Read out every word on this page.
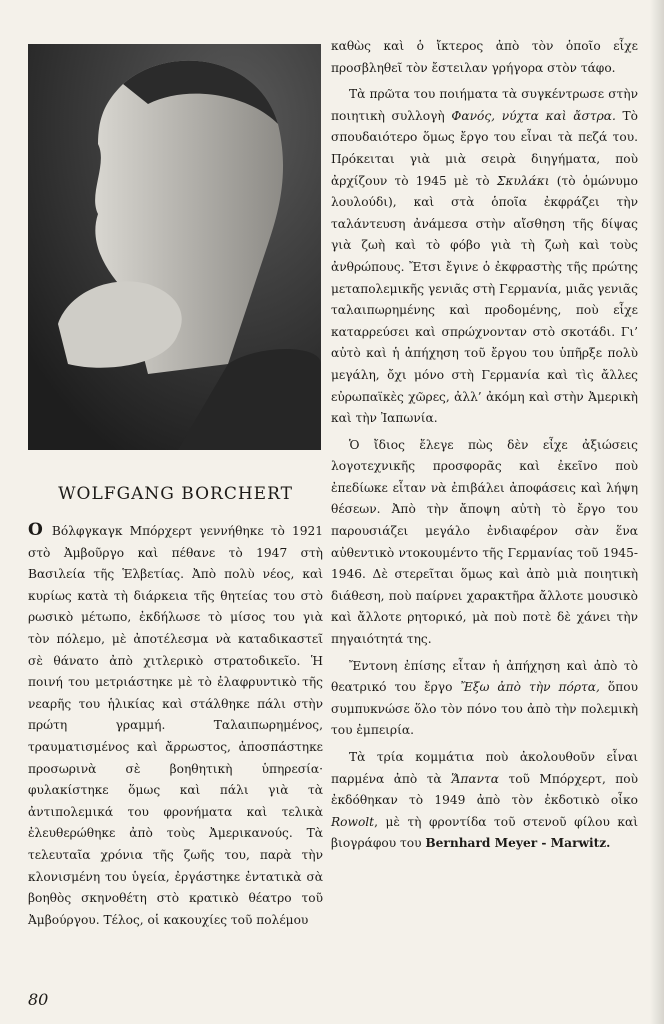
WOLFGANG BORCHERT

Ο Βόλφγκαγκ Μπόρχερτ γεννήθηκε τὸ 1921 στὸ Ἀμβοῦργο καὶ πέθανε τὸ 1947 στὴ Βασιλεία τῆς Ἑλβετίας. Ἀπὸ πολὺ νέος, καὶ κυρίως κατὰ τὴ διάρκεια τῆς θητείας του στὸ ρωσικὸ μέτωπο, ἐκδήλωσε τὸ μίσος του γιὰ τὸν πόλεμο, μὲ ἀποτέλεσμα νὰ καταδικαστεῖ σὲ θάνατο ἀπὸ χιτλερικὸ στρατοδικεῖο. Ἡ ποινή του μετριάστηκε μὲ τὸ ἐλαφρυντικὸ τῆς νεαρῆς του ἡλικίας καὶ στάλθηκε πάλι στὴν πρώτη γραμμή. Ταλαιπωρημένος, τραυματισμένος καὶ ἄρρωστος, ἀποσπάστηκε προσωρινὰ σὲ βοηθητικὴ ὑπηρεσία· φυλακίστηκε ὅμως καὶ πάλι γιὰ τὰ ἀντιπολεμικά του φρονήματα καὶ τελικὰ ἐλευθερώθηκε ἀπὸ τοὺς Ἀμερικανούς. Τὰ τελευταῖα χρόνια τῆς ζωῆς του, παρὰ τὴν κλονισμένη του ὑγεία, ἐργάστηκε ἐντατικὰ σὰ βοηθὸς σκηνοθέτη στὸ κρατικὸ θέατρο τοῦ Ἀμβούργου. Τέλος, οἱ κακουχίες τοῦ πολέμου

καθὼς καὶ ὁ ἴκτερος ἀπὸ τὸν ὁποῖο εἶχε προσβληθεῖ τὸν ἔστειλαν γρήγορα στὸν τάφο.

Τὰ πρῶτα του ποιήματα τὰ συγκέντρωσε στὴν ποιητικὴ συλλογὴ Φανός, νύχτα καὶ ἄστρα. Τὸ σπουδαιότερο ὅμως ἔργο του εἶναι τὰ πεζά του. Πρόκειται γιὰ μιὰ σειρὰ διηγήματα, ποὺ ἀρχίζουν τὸ 1945 μὲ τὸ Σκυλάκι (τὸ ὁμώνυμο λουλούδι), καὶ στὰ ὁποῖα ἐκφράζει τὴν ταλάντευση ἀνάμεσα στὴν αἴσθηση τῆς δίψας γιὰ ζωὴ καὶ τὸ φόβο γιὰ τὴ ζωὴ καὶ τοὺς ἀνθρώπους. Ἔτσι ἔγινε ὁ ἐκφραστὴς τῆς πρώτης μεταπολεμικῆς γενιᾶς στὴ Γερμανία, μιᾶς γενιᾶς ταλαιπωρημένης καὶ προδομένης, ποὺ εἶχε καταρρεύσει καὶ σπρώχνονταν στὸ σκοτάδι. Γι’ αὐτὸ καὶ ἡ ἀπήχηση τοῦ ἔργου του ὑπῆρξε πολὺ μεγάλη, ὄχι μόνο στὴ Γερμανία καὶ τὶς ἄλλες εὐρωπαϊκὲς χῶρες, ἀλλ’ ἀκόμη καὶ στὴν Ἀμερικὴ καὶ τὴν Ἰαπωνία.

Ὁ ἴδιος ἔλεγε πὼς δὲν εἶχε ἀξιώσεις λογοτεχνικῆς προσφορᾶς καὶ ἐκεῖνο ποὺ ἐπεδίωκε εἶταν νὰ ἐπιβάλει ἀποφάσεις καὶ λήψη θέσεων. Ἀπὸ τὴν ἄποψη αὐτὴ τὸ ἔργο του παρουσιάζει μεγάλο ἐνδιαφέρον σὰν ἕνα αὐθεντικὸ ντοκουμέντο τῆς Γερμανίας τοῦ 1945-1946. Δὲ στερεῖται ὅμως καὶ ἀπὸ μιὰ ποιητικὴ διάθεση, ποὺ παίρνει χαρακτῆρα ἄλλοτε μουσικὸ καὶ ἄλλοτε ρητορικό, μὰ ποὺ ποτὲ δὲ χάνει τὴν πηγαιότητά της.

Ἔντονη ἐπίσης εἶταν ἡ ἀπήχηση καὶ ἀπὸ τὸ θεατρικό του ἔργο Ἔξω ἀπὸ τὴν πόρτα, ὅπου συμπυκνώσε ὅλο τὸν πόνο του ἀπὸ τὴν πολεμικὴ του ἐμπειρία.

Τὰ τρία κομμάτια ποὺ ἀκολουθοῦν εἶναι παρμένα ἀπὸ τὰ Ἅπαντα τοῦ Μπόρχερτ, ποὺ ἐκδόθηκαν τὸ 1949 ἀπὸ τὸν ἐκδοτικὸ οἶκο Rowolt, μὲ τὴ φροντίδα τοῦ στενοῦ φίλου καὶ βιογράφου του Bernhard Meyer - Marwitz.

80
